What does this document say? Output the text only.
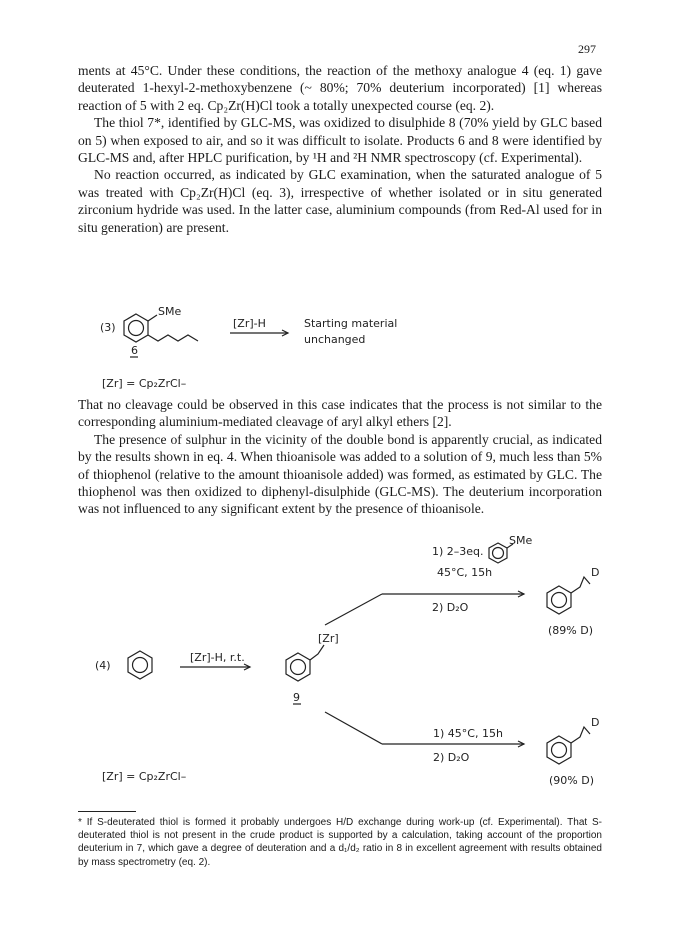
297

ments at 45°C. Under these conditions, the reaction of the methoxy analogue 4 (eq. 1) gave deuterated 1-hexyl-2-methoxybenzene (~ 80%; 70% deuterium incorporated) [1] whereas reaction of 5 with 2 eq. Cp₂Zr(H)Cl took a totally unexpected course (eq. 2).

The thiol 7*, identified by GLC-MS, was oxidized to disulphide 8 (70% yield by GLC based on 5) when exposed to air, and so it was difficult to isolate. Products 6 and 8 were identified by GLC-MS and, after HPLC purification, by ¹H and ²H NMR spectroscopy (cf. Experimental).

No reaction occurred, as indicated by GLC examination, when the saturated analogue of 5 was treated with Cp₂Zr(H)Cl (eq. 3), irrespective of whether isolated or in situ generated zirconium hydride was used. In the latter case, aluminium compounds (from Red-Al used for in situ generation) are present.

(3)
SMe
[Zr]-H	Starting material
unchanged
6
[Zr] = Cp₂ZrCl–

That no cleavage could be observed in this case indicates that the process is not similar to the corresponding aluminium-mediated cleavage of aryl alkyl ethers [2].

The presence of sulphur in the vicinity of the double bond is apparently crucial, as indicated by the results shown in eq. 4. When thioanisole was added to a solution of 9, much less than 5% of thiophenol (relative to the amount thioanisole added) was formed, as estimated by GLC. The thiophenol was then oxidized to diphenyl-disulphide (GLC-MS). The deuterium incorporation was not influenced to any significant extent by the presence of thioanisole.

(4)
[Zr]-H, r.t.
[Zr]
9
1) 2–3eq.
SMe
45°C, 15h
2) D₂O
D
(89% D)
1) 45°C, 15h
2) D₂O
D
(90% D)
[Zr] = Cp₂ZrCl–

* If S-deuterated thiol is formed it probably undergoes H/D exchange during work-up (cf. Experimental). That S-deuterated thiol is not present in the crude product is supported by a calculation, taking account of the proportion deuterium in 7, which gave a degree of deuteration and a d₁/d₂ ratio in 8 in excellent agreement with results obtained by mass spectrometry (eq. 2).
